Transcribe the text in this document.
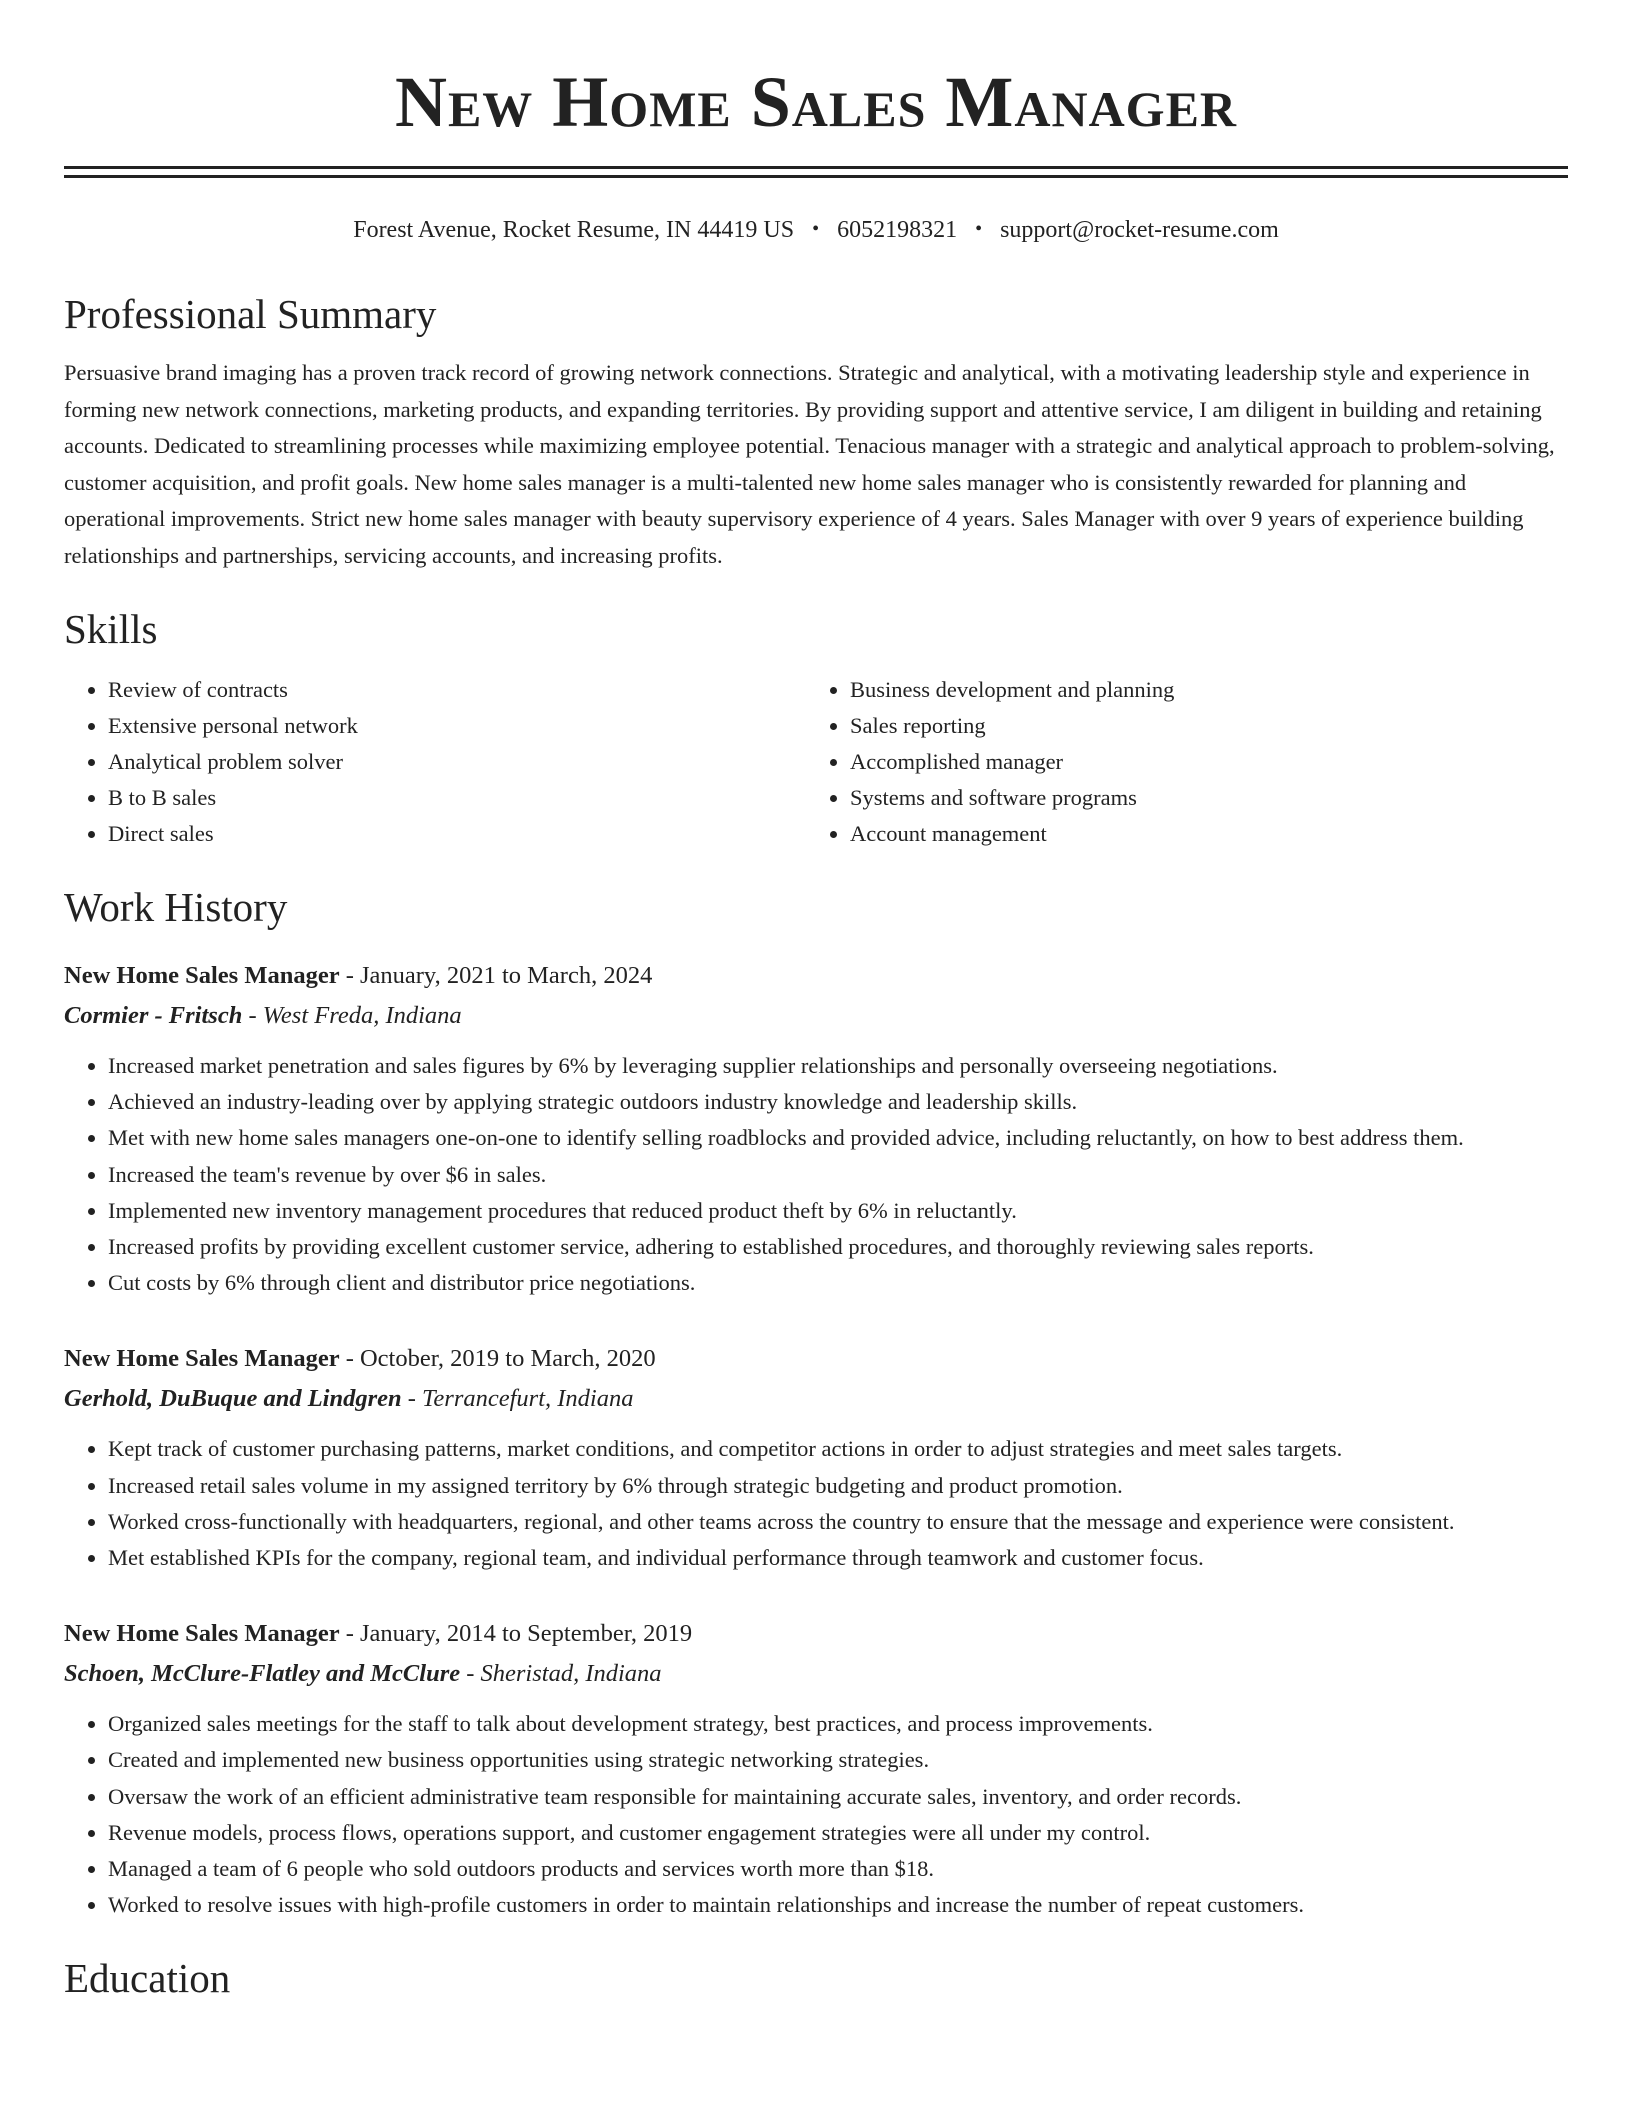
New Home Sales Manager
Forest Avenue, Rocket Resume, IN 44419 US • 6052198321 • support@rocket-resume.com
Professional Summary

Persuasive brand imaging has a proven track record of growing network connections. Strategic and analytical, with a motivating leadership style and experience in forming new network connections, marketing products, and expanding territories. By providing support and attentive service, I am diligent in building and retaining accounts. Dedicated to streamlining processes while maximizing employee potential. Tenacious manager with a strategic and analytical approach to problem-solving, customer acquisition, and profit goals. New home sales manager is a multi-talented new home sales manager who is consistently rewarded for planning and operational improvements. Strict new home sales manager with beauty supervisory experience of 4 years. Sales Manager with over 9 years of experience building relationships and partnerships, servicing accounts, and increasing profits.

Skills
• Review of contracts
• Extensive personal network
• Analytical problem solver
• B to B sales
• Direct sales
• Business development and planning
• Sales reporting
• Accomplished manager
• Systems and software programs
• Account management
Work History
New Home Sales Manager - January, 2021 to March, 2024
Cormier - Fritsch - West Freda, Indiana
• Increased market penetration and sales figures by 6% by leveraging supplier relationships and personally overseeing negotiations.
• Achieved an industry-leading over by applying strategic outdoors industry knowledge and leadership skills.
• Met with new home sales managers one-on-one to identify selling roadblocks and provided advice, including reluctantly, on how to best address them.
• Increased the team's revenue by over $6 in sales.
• Implemented new inventory management procedures that reduced product theft by 6% in reluctantly.
• Increased profits by providing excellent customer service, adhering to established procedures, and thoroughly reviewing sales reports.
• Cut costs by 6% through client and distributor price negotiations.
New Home Sales Manager - October, 2019 to March, 2020
Gerhold, DuBuque and Lindgren - Terrancefurt, Indiana
• Kept track of customer purchasing patterns, market conditions, and competitor actions in order to adjust strategies and meet sales targets.
• Increased retail sales volume in my assigned territory by 6% through strategic budgeting and product promotion.
• Worked cross-functionally with headquarters, regional, and other teams across the country to ensure that the message and experience were consistent.
• Met established KPIs for the company, regional team, and individual performance through teamwork and customer focus.
New Home Sales Manager - January, 2014 to September, 2019
Schoen, McClure-Flatley and McClure - Sheristad, Indiana
• Organized sales meetings for the staff to talk about development strategy, best practices, and process improvements.
• Created and implemented new business opportunities using strategic networking strategies.
• Oversaw the work of an efficient administrative team responsible for maintaining accurate sales, inventory, and order records.
• Revenue models, process flows, operations support, and customer engagement strategies were all under my control.
• Managed a team of 6 people who sold outdoors products and services worth more than $18.
• Worked to resolve issues with high-profile customers in order to maintain relationships and increase the number of repeat customers.
Education
